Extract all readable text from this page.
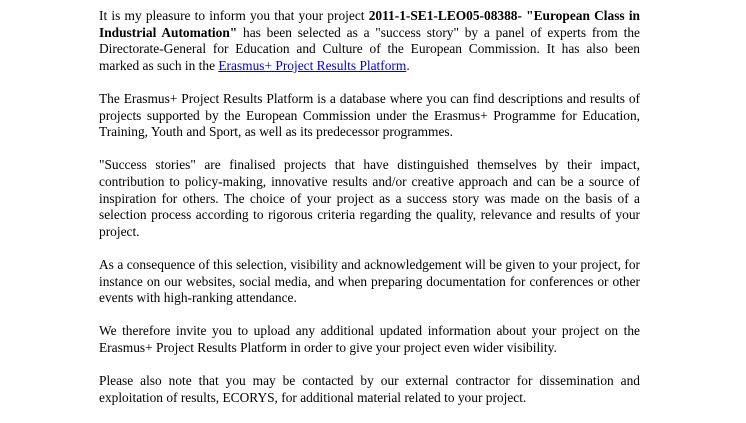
It is my pleasure to inform you that your project 2011-1-SE1-LEO05-08388- "European Class in Industrial Automation" has been selected as a "success story" by a panel of experts from the Directorate-General for Education and Culture of the European Commission. It has also been marked as such in the Erasmus+ Project Results Platform.

The Erasmus+ Project Results Platform is a database where you can find descriptions and results of projects supported by the European Commission under the Erasmus+ Programme for Education, Training, Youth and Sport, as well as its predecessor programmes.

"Success stories" are finalised projects that have distinguished themselves by their impact, contribution to policy-making, innovative results and/or creative approach and can be a source of inspiration for others. The choice of your project as a success story was made on the basis of a selection process according to rigorous criteria regarding the quality, relevance and results of your project.

As a consequence of this selection, visibility and acknowledgement will be given to your project, for instance on our websites, social media, and when preparing documentation for conferences or other events with high-ranking attendance.

We therefore invite you to upload any additional updated information about your project on the Erasmus+ Project Results Platform in order to give your project even wider visibility.

Please also note that you may be contacted by our external contractor for dissemination and exploitation of results, ECORYS, for additional material related to your project.
